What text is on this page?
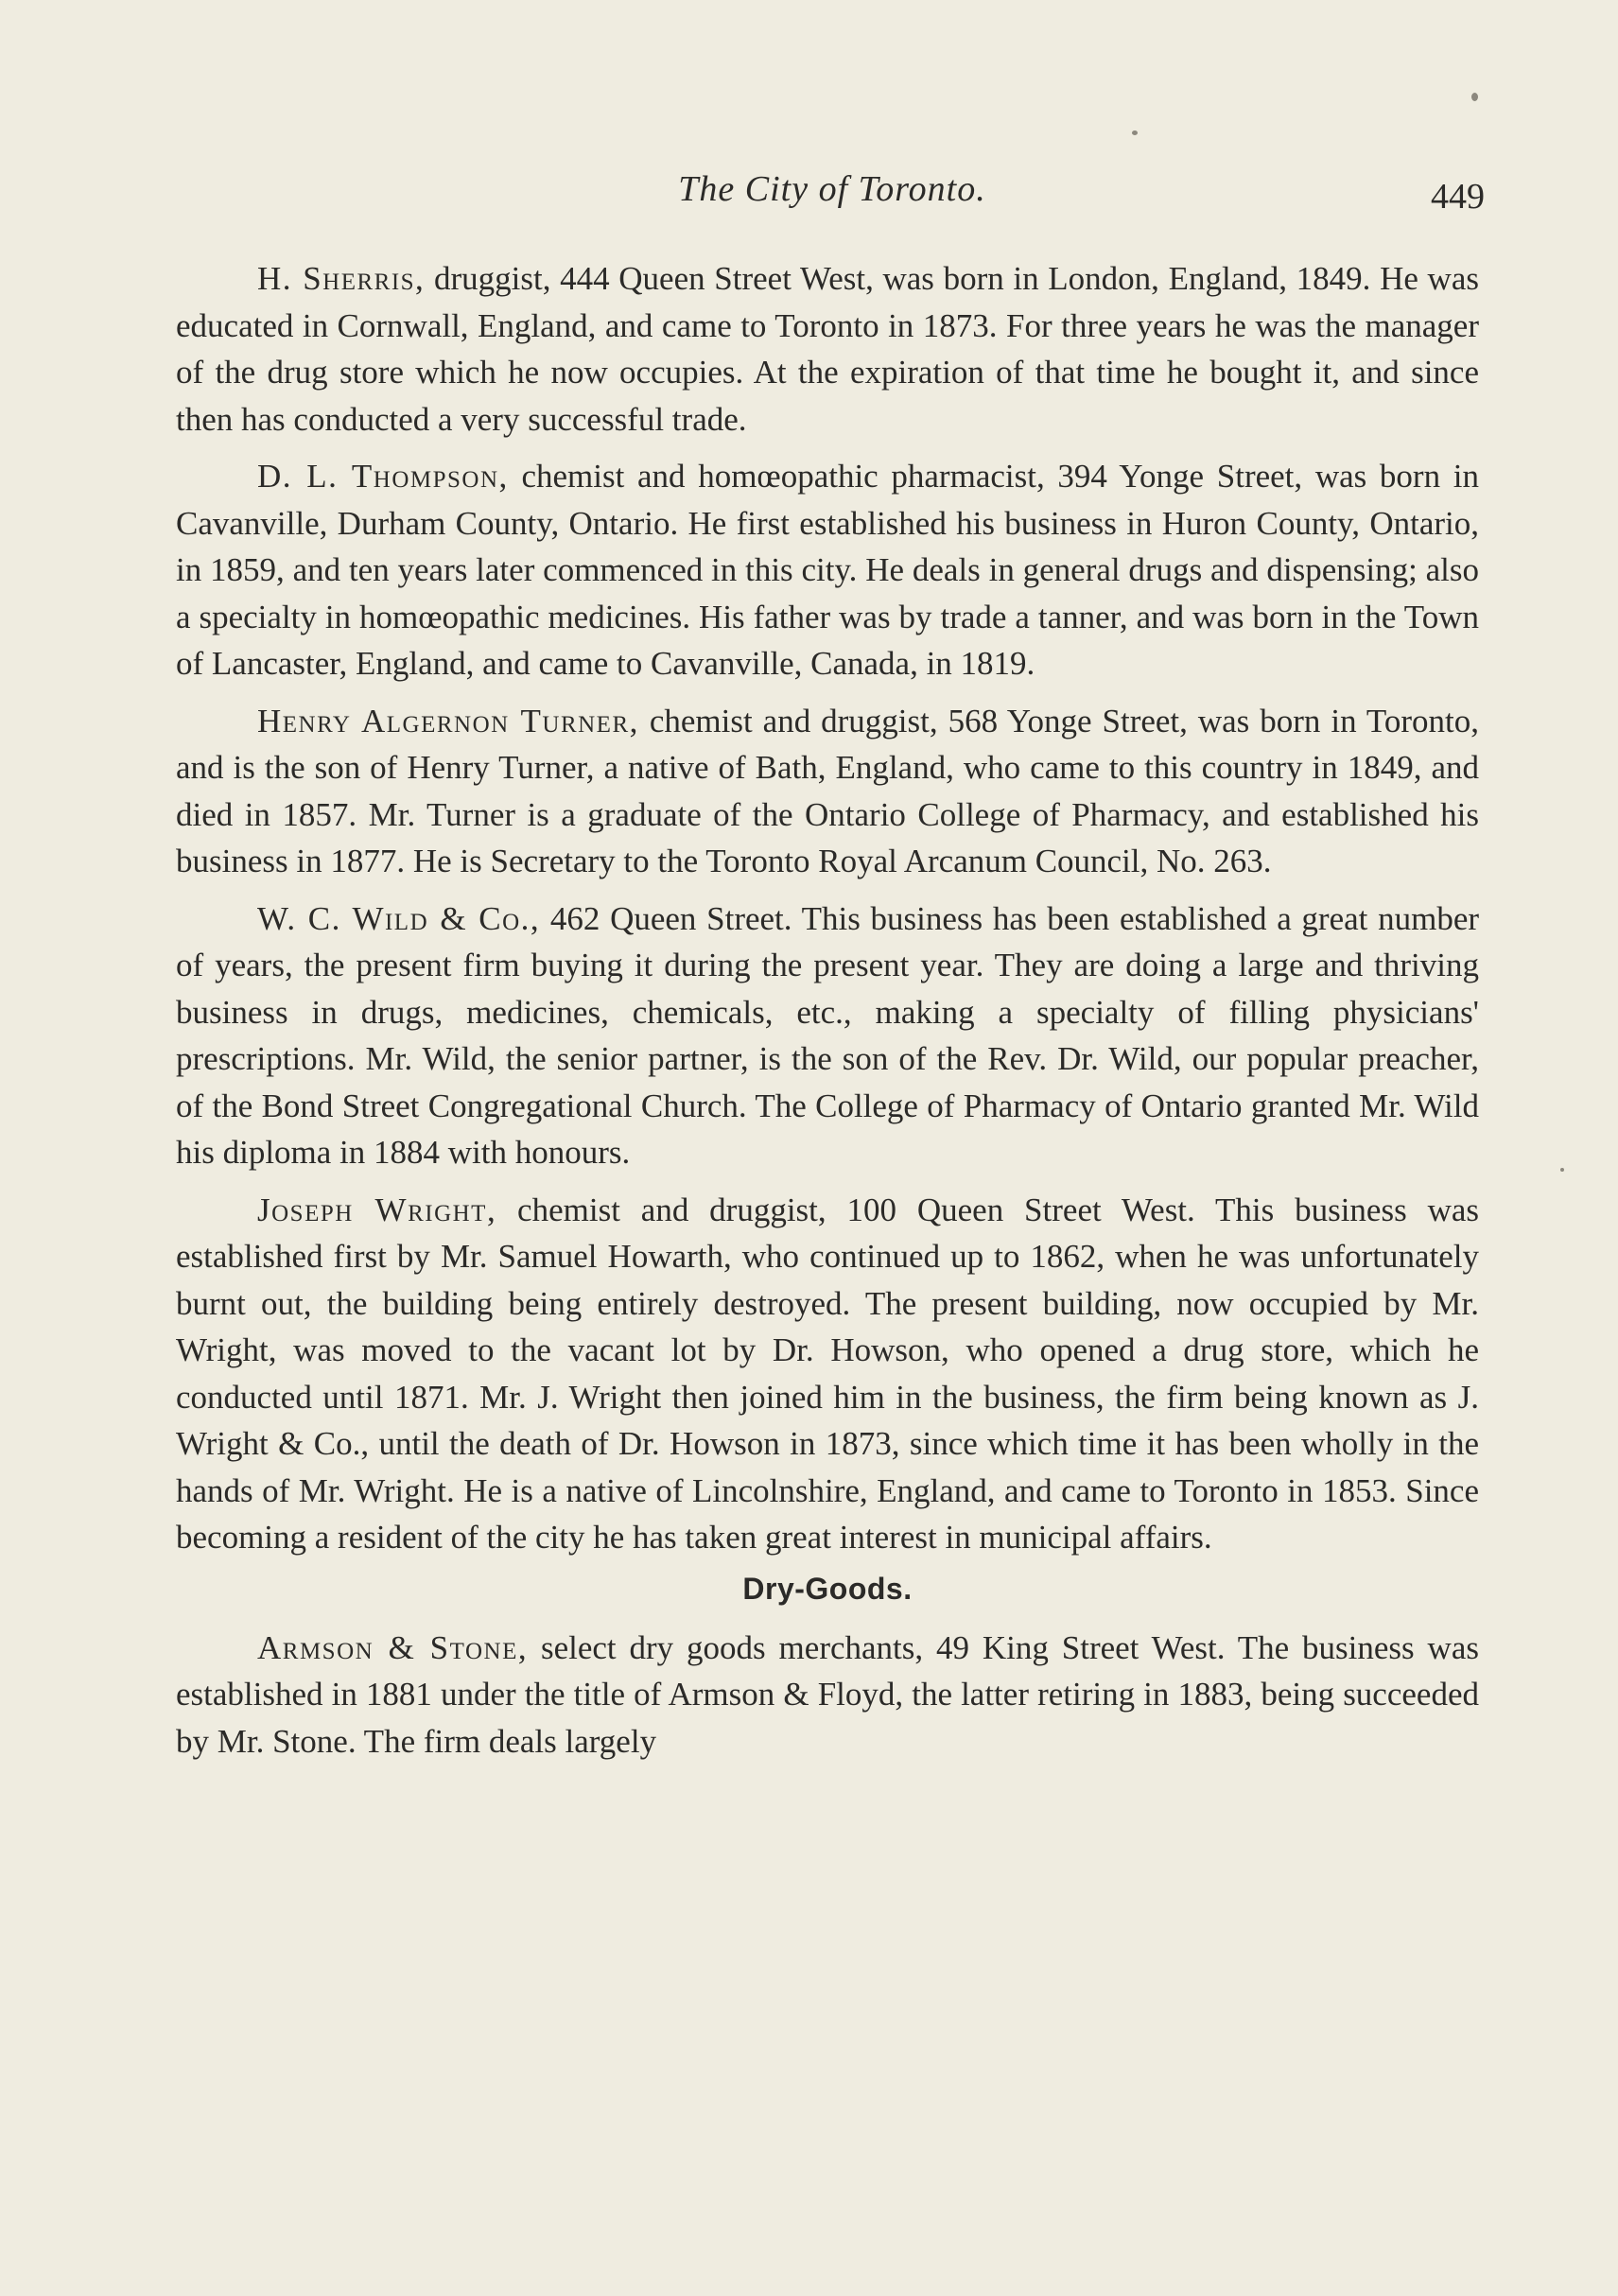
The City of Toronto.	449

H. Sherris, druggist, 444 Queen Street West, was born in London, England, 1849. He was educated in Cornwall, England, and came to Toronto in 1873. For three years he was the manager of the drug store which he now occupies. At the expiration of that time he bought it, and since then has conducted a very successful trade.

D. L. Thompson, chemist and homœopathic pharmacist, 394 Yonge Street, was born in Cavanville, Durham County, Ontario. He first established his business in Huron County, Ontario, in 1859, and ten years later commenced in this city. He deals in general drugs and dispensing; also a specialty in homœopathic medicines. His father was by trade a tanner, and was born in the Town of Lancaster, England, and came to Cavanville, Canada, in 1819.

Henry Algernon Turner, chemist and druggist, 568 Yonge Street, was born in Toronto, and is the son of Henry Turner, a native of Bath, England, who came to this country in 1849, and died in 1857. Mr. Turner is a graduate of the Ontario College of Pharmacy, and established his business in 1877. He is Secretary to the Toronto Royal Arcanum Council, No. 263.

W. C. Wild & Co., 462 Queen Street. This business has been established a great number of years, the present firm buying it during the present year. They are doing a large and thriving business in drugs, medicines, chemicals, etc., making a specialty of filling physicians' prescriptions. Mr. Wild, the senior partner, is the son of the Rev. Dr. Wild, our popular preacher, of the Bond Street Congregational Church. The College of Pharmacy of Ontario granted Mr. Wild his diploma in 1884 with honours.

Joseph Wright, chemist and druggist, 100 Queen Street West. This business was established first by Mr. Samuel Howarth, who continued up to 1862, when he was unfortunately burnt out, the building being entirely destroyed. The present building, now occupied by Mr. Wright, was moved to the vacant lot by Dr. Howson, who opened a drug store, which he conducted until 1871. Mr. J. Wright then joined him in the business, the firm being known as J. Wright & Co., until the death of Dr. Howson in 1873, since which time it has been wholly in the hands of Mr. Wright. He is a native of Lincolnshire, England, and came to Toronto in 1853. Since becoming a resident of the city he has taken great interest in municipal affairs.

Dry-Goods.

Armson & Stone, select dry goods merchants, 49 King Street West. The business was established in 1881 under the title of Armson & Floyd, the latter retiring in 1883, being succeeded by Mr. Stone. The firm deals largely
